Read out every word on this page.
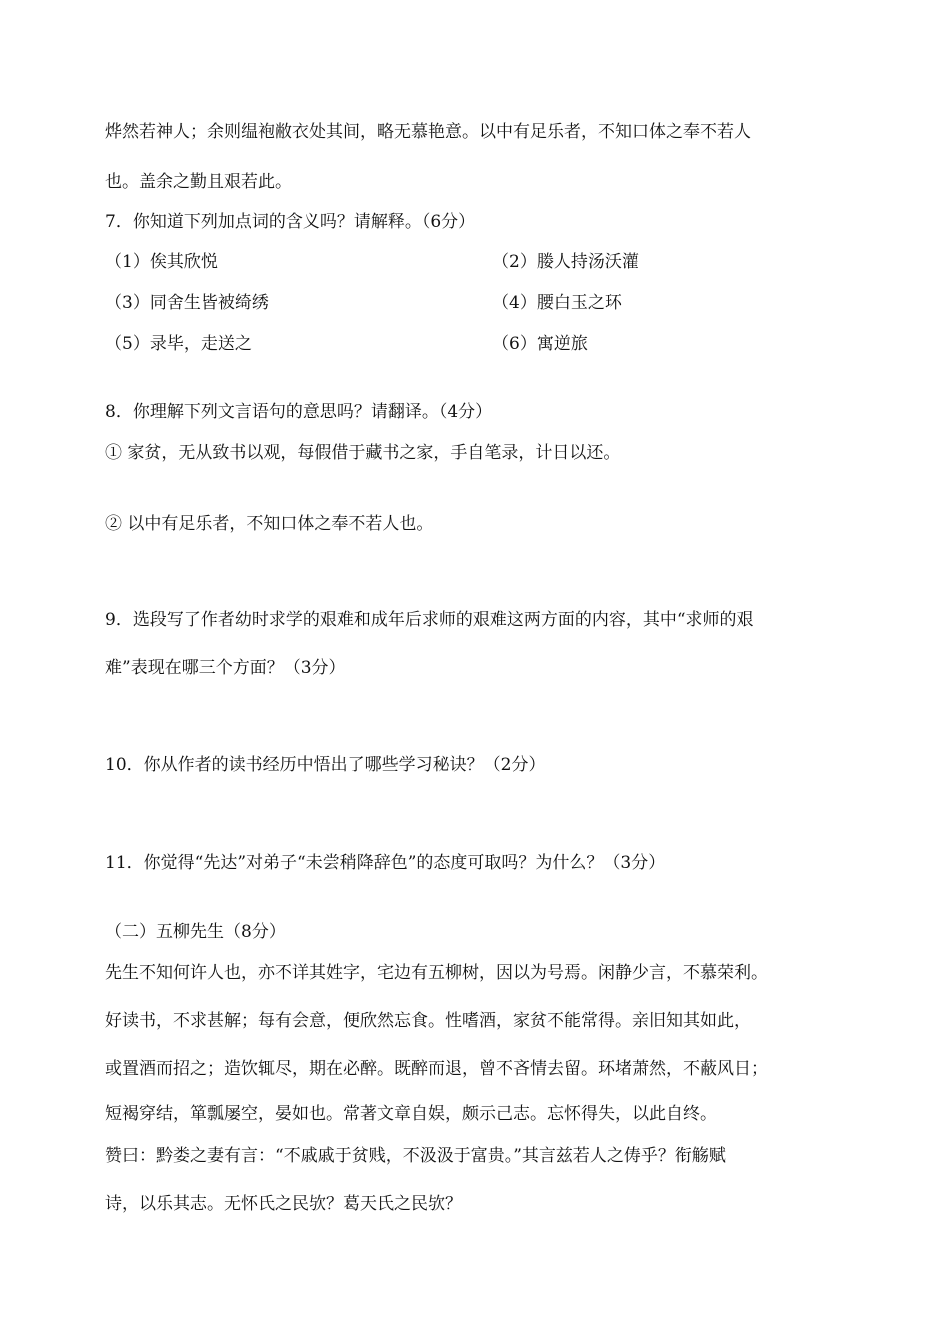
烨然若神人；余则缊袍敝衣处其间，略无慕艳意。以中有足乐者，不知口体之奉不若人
也。盖余之勤且艰若此。
7．你知道下列加点词的含义吗？请解释。（6分）
（1）俟其欣悦	（2）媵人持汤沃灌
（3）同舍生皆被绮绣	（4）腰白玉之环
（5）录毕，走送之	（6）寓逆旅
8．你理解下列文言语句的意思吗？请翻译。（4分）
① 家贫，无从致书以观，每假借于藏书之家，手自笔录，计日以还。
② 以中有足乐者，不知口体之奉不若人也。
9．选段写了作者幼时求学的艰难和成年后求师的艰难这两方面的内容，其中“求师的艰
难”表现在哪三个方面？（3分）
10．你从作者的读书经历中悟出了哪些学习秘诀？（2分）
11．你觉得“先达”对弟子“未尝稍降辞色”的态度可取吗？为什么？（3分）
（二）五柳先生（8分）
先生不知何许人也，亦不详其姓字，宅边有五柳树，因以为号焉。闲静少言，不慕荣利。
好读书，不求甚解；每有会意，便欣然忘食。性嗜酒，家贫不能常得。亲旧知其如此，
或置酒而招之；造饮辄尽，期在必醉。既醉而退，曾不吝情去留。环堵萧然，不蔽风日；
短褐穿结，箪瓢屡空，晏如也。常著文章自娱，颇示己志。忘怀得失，以此自终。
赞曰：黔娄之妻有言：“不戚戚于贫贱，不汲汲于富贵。”其言兹若人之俦乎？衔觞赋
诗，以乐其志。无怀氏之民欤？葛天氏之民欤？
